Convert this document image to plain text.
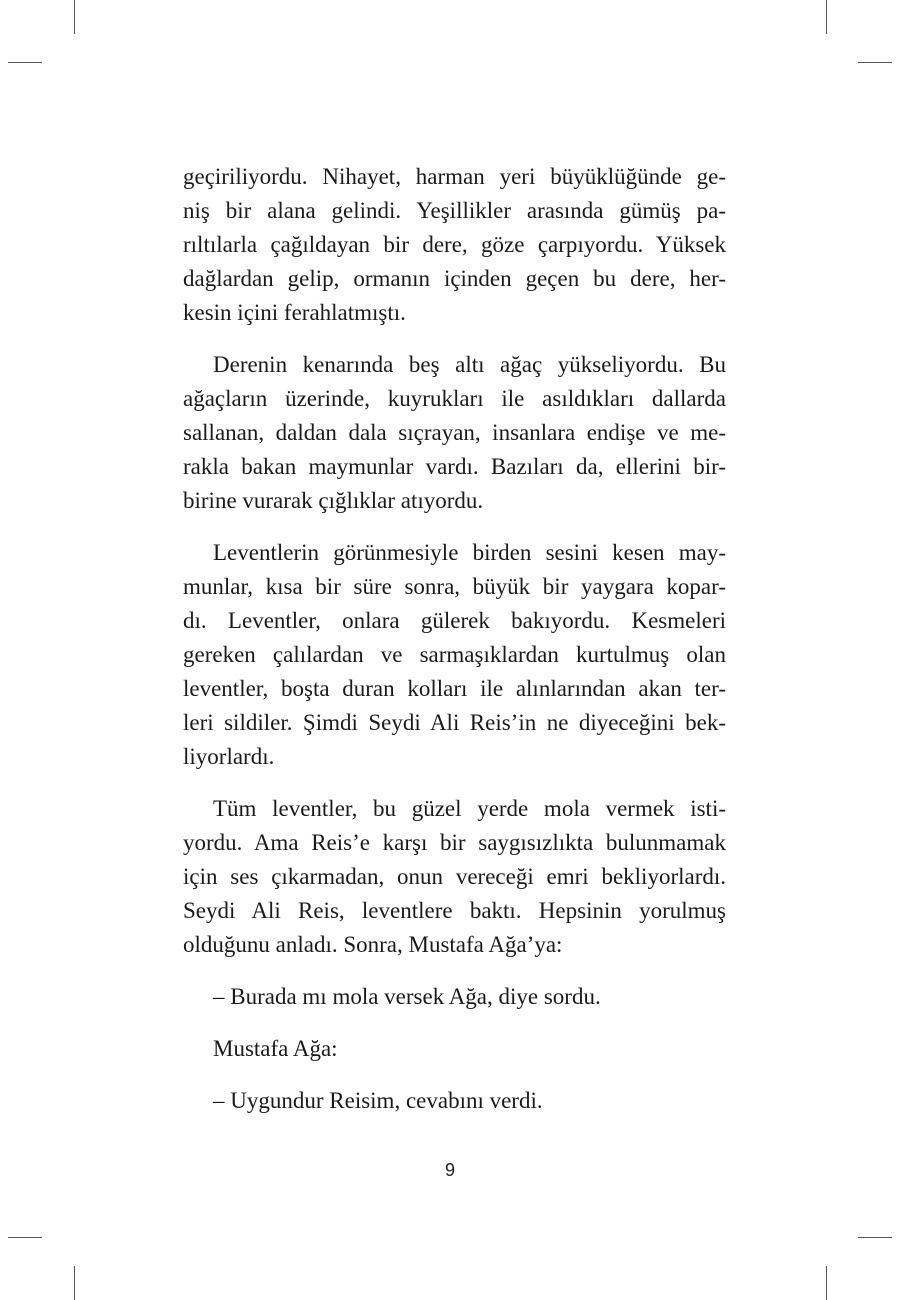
geçiriliyordu. Nihayet, harman yeri büyüklüğünde ge-
niş bir alana gelindi. Yeşillikler arasında gümüş pa-
rıltılarla çağıldayan bir dere, göze çarpıyordu. Yüksek
dağlardan gelip, ormanın içinden geçen bu dere, her-
kesin içini ferahlatmıştı.
Derenin kenarında beş altı ağaç yükseliyordu. Bu
ağaçların üzerinde, kuyrukları ile asıldıkları dallarda
sallanan, daldan dala sıçrayan, insanlara endişe ve me-
rakla bakan maymunlar vardı. Bazıları da, ellerini bir-
birine vurarak çığlıklar atıyordu.
Leventlerin görünmesiyle birden sesini kesen may-
munlar, kısa bir süre sonra, büyük bir yaygara kopar-
dı. Leventler, onlara gülerek bakıyordu. Kesmeleri
gereken çalılardan ve sarmaşıklardan kurtulmuş olan
leventler, boşta duran kolları ile alınlarından akan ter-
leri sildiler. Şimdi Seydi Ali Reis’in ne diyeceğini bek-
liyorlardı.
Tüm leventler, bu güzel yerde mola vermek isti-
yordu. Ama Reis’e karşı bir saygısızlıkta bulunmamak
için ses çıkarmadan, onun vereceği emri bekliyorlardı.
Seydi Ali Reis, leventlere baktı. Hepsinin yorulmuş
olduğunu anladı. Sonra, Mustafa Ağa’ya:
– Burada mı mola versek Ağa, diye sordu.
Mustafa Ağa:
– Uygundur Reisim, cevabını verdi.
9
